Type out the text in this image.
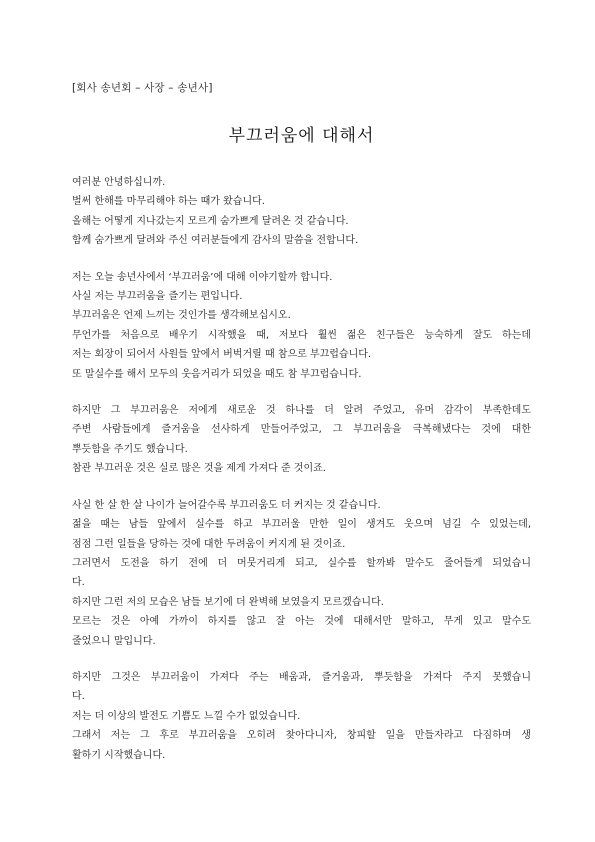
[회사 송년회 – 사장 – 송년사]
부끄러움에 대해서
여러분 안녕하십니까.
벌써 한해를 마무리해야 하는 때가 왔습니다.
올해는 어떻게 지나갔는지 모르게 숨가쁘게 달려온 것 같습니다.
함께 숨가쁘게 달려와 주신 여러분들에게 감사의 말씀을 전합니다.
저는 오늘 송년사에서 ‘부끄러움’에 대해 이야기할까 합니다.
사실 저는 부끄러움을 즐기는 편입니다.
부끄러움은 언제 느끼는 것인가를 생각해보십시오.
무언가를 처음으로 배우기 시작했을 때, 저보다 훨씬 젊은 친구들은 능숙하게 잘도 하는데
저는 회장이 되어서 사원들 앞에서 버벅거릴 때 참으로 부끄럽습니다.
또 말실수를 해서 모두의 웃음거리가 되었을 때도 참 부끄럽습니다.
하지만 그 부끄러움은 저에게 새로운 것 하나를 더 알려 주었고, 유머 감각이 부족한데도
주변 사람들에게 즐거움을 선사하게 만들어주었고, 그 부끄러움을 극복해냈다는 것에 대한
뿌듯함을 주기도 했습니다.
참관 부끄러운 것은 실로 많은 것을 제게 가져다 준 것이죠.
사실 한 살 한 살 나이가 늘어갈수록 부끄러움도 더 커지는 것 같습니다.
젊을 때는 남들 앞에서 실수를 하고 부끄러울 만한 일이 생겨도 웃으며 넘길 수 있었는데,
점점 그런 일들을 당하는 것에 대한 두려움이 커지게 된 것이죠.
그러면서 도전을 하기 전에 더 머뭇거리게 되고, 실수를 할까봐 말수도 줄어들게 되었습니
다.
하지만 그런 저의 모습은 남들 보기에 더 완벽해 보였을지 모르겠습니다.
모르는 것은 아예 가까이 하지를 않고 잘 아는 것에 대해서만 말하고, 무게 있고 말수도
줄었으니 말입니다.
하지만 그것은 부끄러움이 가져다 주는 배움과, 즐거움과, 뿌듯함을 가져다 주지 못했습니
다.
저는 더 이상의 발전도 기쁨도 느낄 수가 없었습니다.
그래서 저는 그 후로 부끄러움을 오히려 찾아다니자, 창피할 일을 만들자라고 다짐하며 생
활하기 시작했습니다.
